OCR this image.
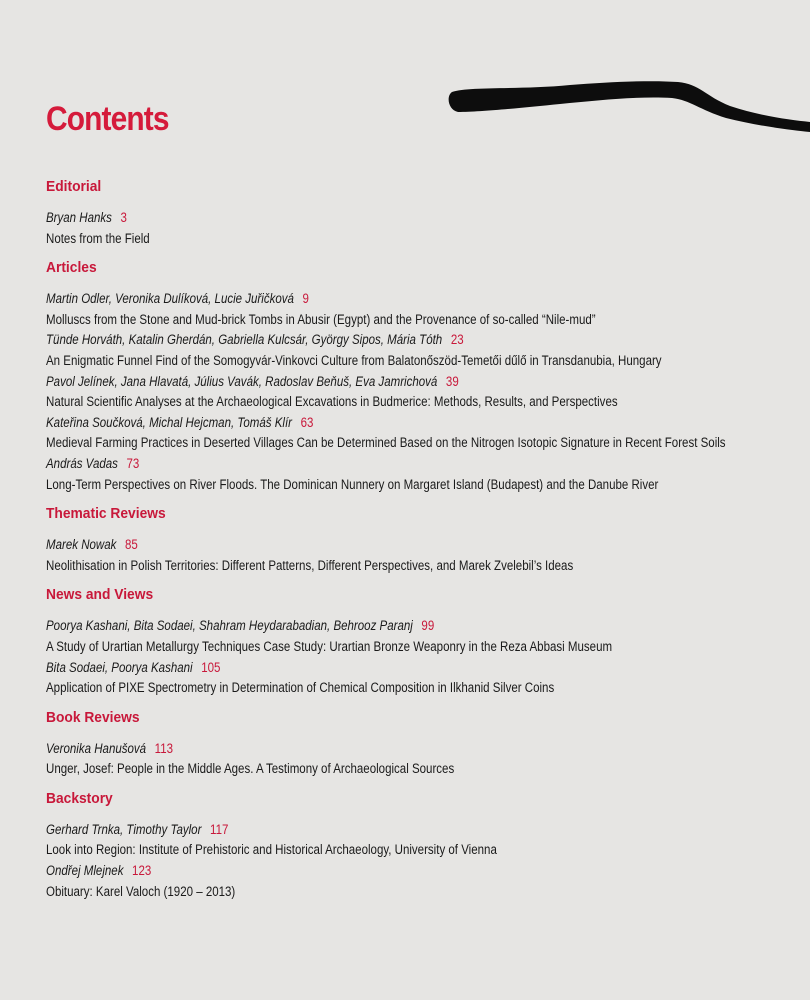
Contents
Editorial
Bryan Hanks 3
Notes from the Field
Articles
Martin Odler, Veronika Dulíková, Lucie Juřičková 9
Molluscs from the Stone and Mud-brick Tombs in Abusir (Egypt) and the Provenance of so-called “Nile-mud”
Tünde Horváth, Katalin Gherdán, Gabriella Kulcsár, György Sipos, Mária Tóth 23
An Enigmatic Funnel Find of the Somogyvár-Vinkovci Culture from Balatonőszöd-Temetői dűlő in Transdanubia, Hungary
Pavol Jelínek, Jana Hlavatá, Július Vavák, Radoslav Beňuš, Eva Jamrichová 39
Natural Scientific Analyses at the Archaeological Excavations in Budmerice: Methods, Results, and Perspectives
Kateřina Součková, Michal Hejcman, Tomáš Klír 63
Medieval Farming Practices in Deserted Villages Can be Determined Based on the Nitrogen Isotopic Signature in Recent Forest Soils
András Vadas 73
Long-Term Perspectives on River Floods. The Dominican Nunnery on Margaret Island (Budapest) and the Danube River
Thematic Reviews
Marek Nowak 85
Neolithisation in Polish Territories: Different Patterns, Different Perspectives, and Marek Zvelebil’s Ideas
News and Views
Poorya Kashani, Bita Sodaei, Shahram Heydarabadian, Behrooz Paranj 99
A Study of Urartian Metallurgy Techniques Case Study: Urartian Bronze Weaponry in the Reza Abbasi Museum
Bita Sodaei, Poorya Kashani 105
Application of PIXE Spectrometry in Determination of Chemical Composition in Ilkhanid Silver Coins
Book Reviews
Veronika Hanušová 113
Unger, Josef: People in the Middle Ages. A Testimony of Archaeological Sources
Backstory
Gerhard Trnka, Timothy Taylor 117
Look into Region: Institute of Prehistoric and Historical Archaeology, University of Vienna
Ondřej Mlejnek 123
Obituary: Karel Valoch (1920 – 2013)
